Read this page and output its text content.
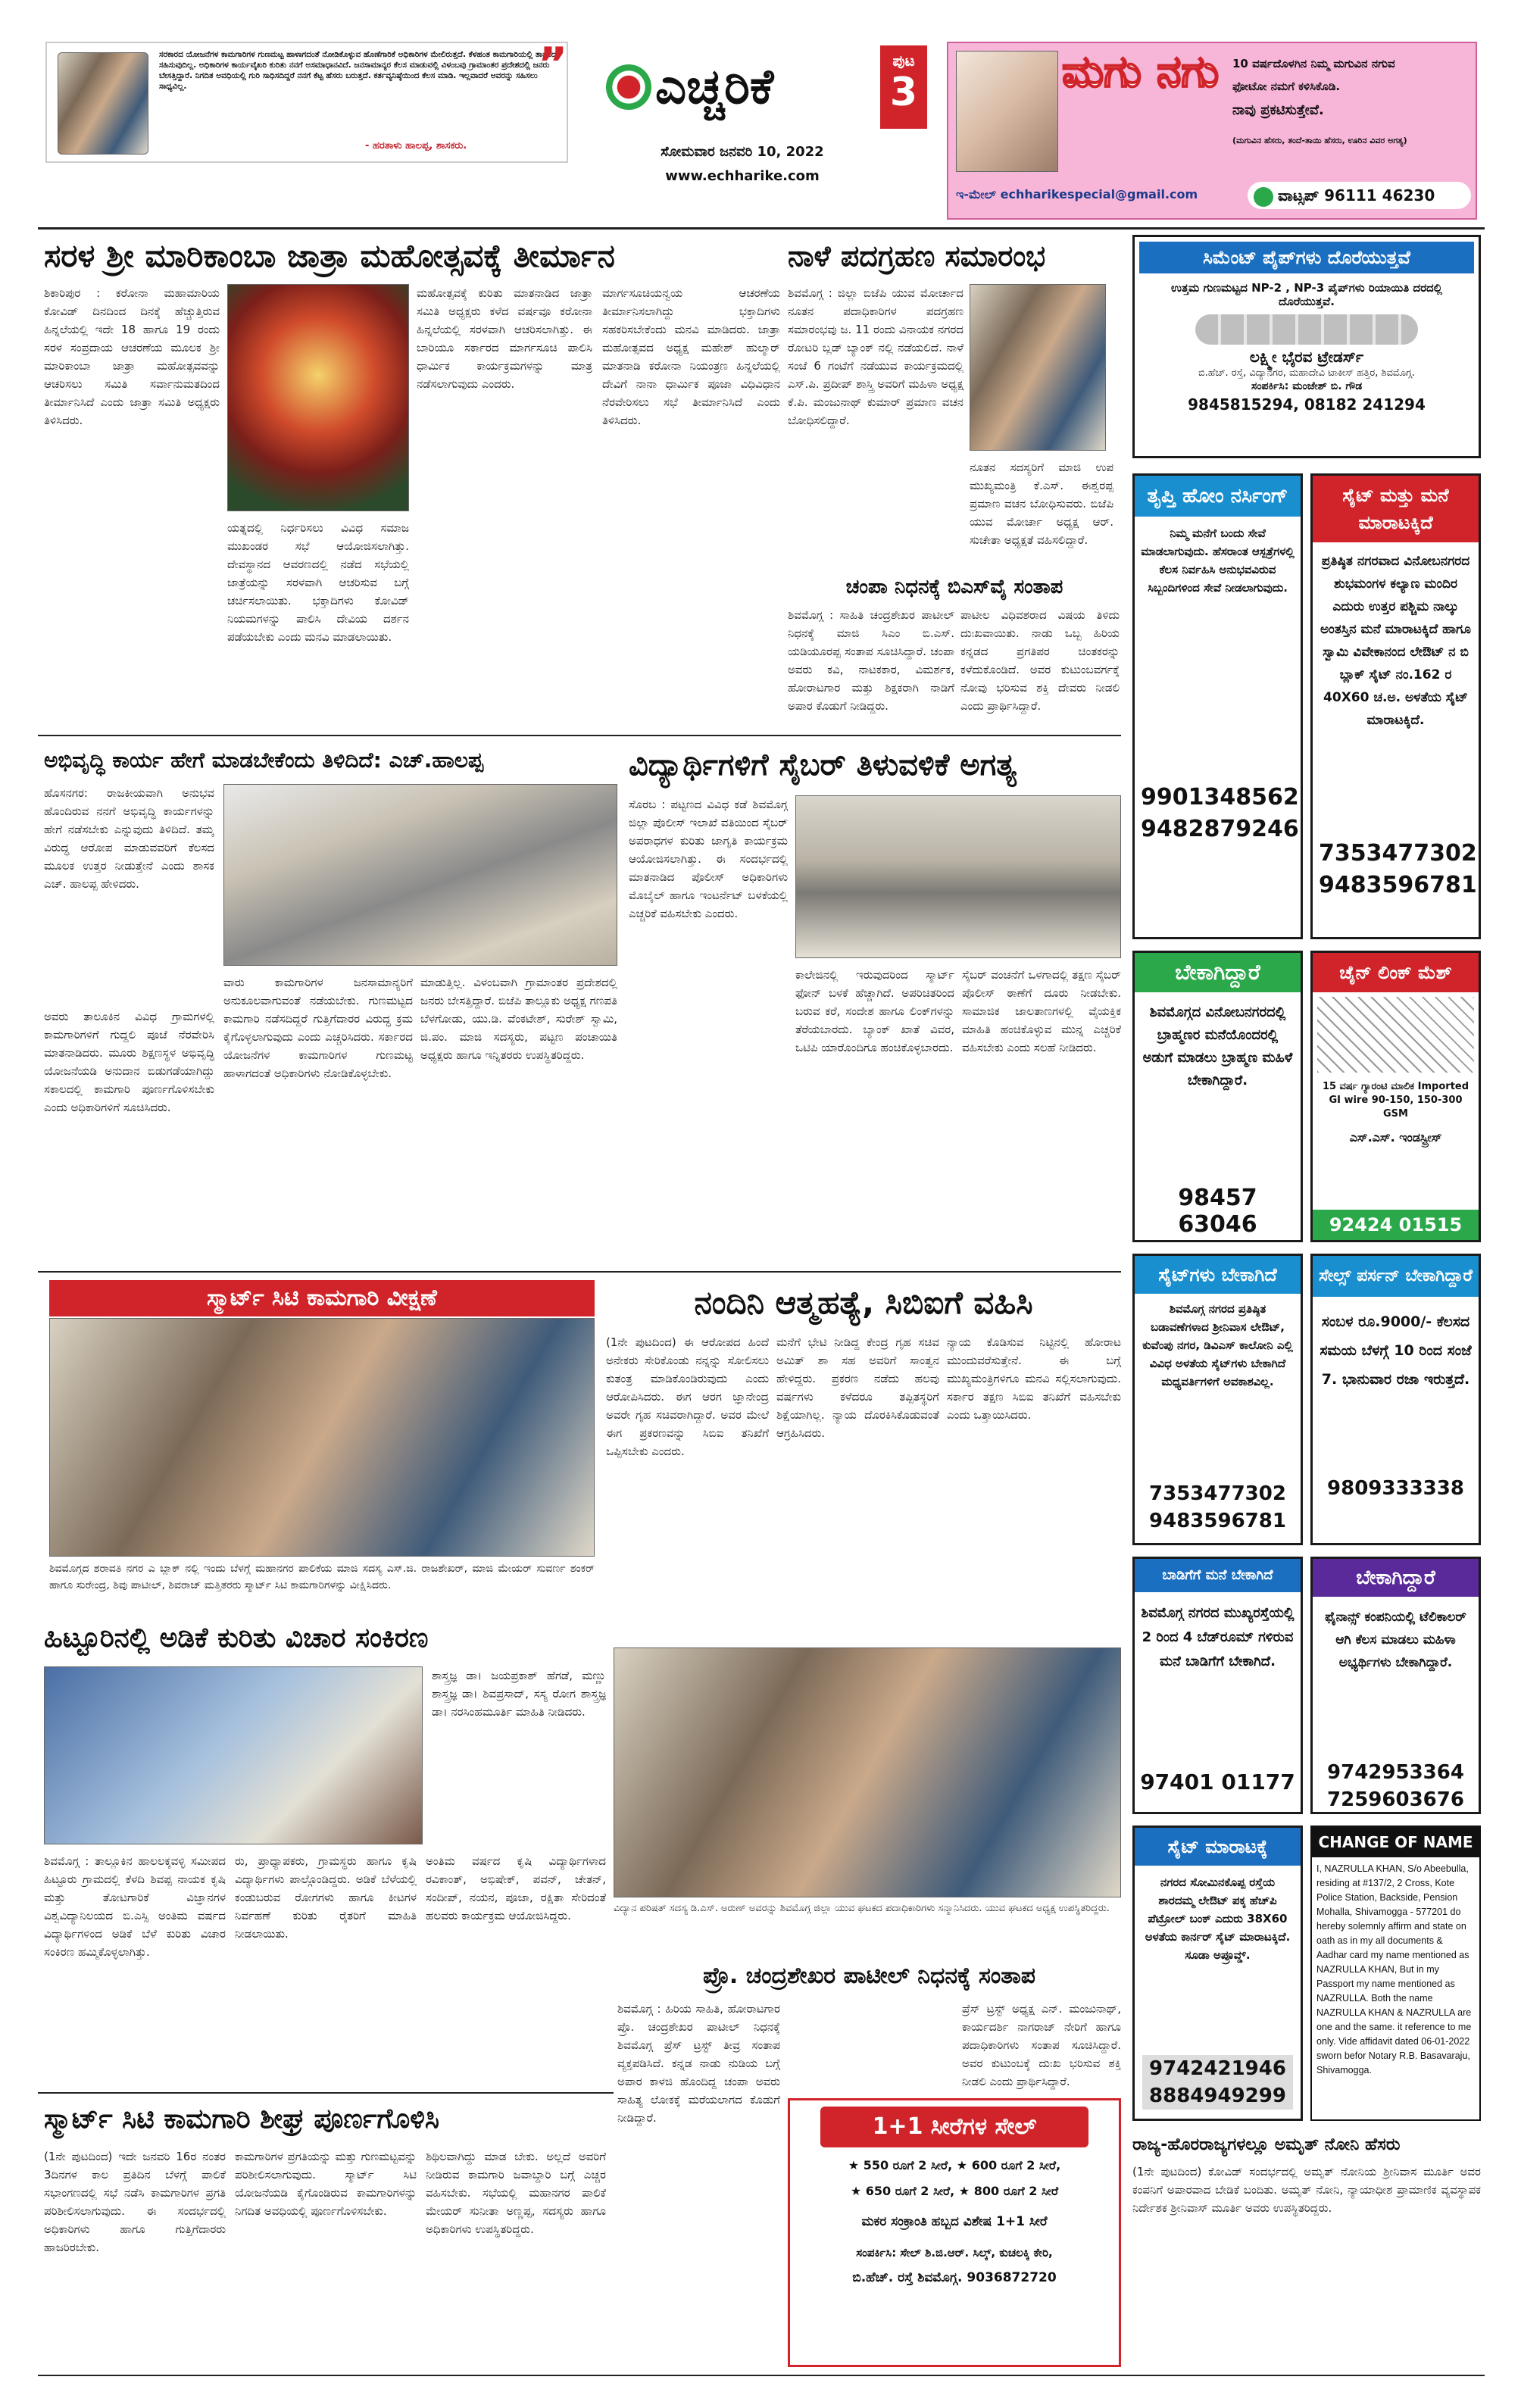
ಸರಕಾರದ ಯೋಜನೆಗಳ ಕಾಮಗಾರಿಗಳ ಗುಣಮಟ್ಟ ಹಾಳಾಗದಂತೆ ನೋಡಿಕೊಳ್ಳುವ ಹೊಣೆಗಾರಿಕೆ ಅಧಿಕಾರಿಗಳ ಮೇಲಿರುತ್ತದೆ. ಕೆಳಹಂತ ಕಾಮಗಾರಿಯಲ್ಲಿ ತಾವೆಂದು ಸಹಿಸುವುದಿಲ್ಲ. ಅಧಿಕಾರಿಗಳ ಕಾರ್ಯವೈಖರಿ ಕುರಿತು ನನಗೆ ಅಸಮಾಧಾನವಿದೆ. ಜನಸಾಮಾನ್ಯರ ಕೆಲಸ ಮಾಡುವಲ್ಲಿ ವಿಳಂಬವು ಗ್ರಾಮಾಂತರ ಪ್ರದೇಶದಲ್ಲಿ ಜನರು ಬೇಸತ್ತಿದ್ದಾರೆ. ನಿಗದಿತ ಅವಧಿಯಲ್ಲಿ ಗುರಿ ಸಾಧಿಸದಿದ್ದರೆ ನನಗೆ ಕೆಟ್ಟ ಹೆಸರು ಬರುತ್ತದೆ. ಕರ್ತವ್ಯನಿಷ್ಠೆಯಿಂದ ಕೆಲಸ ಮಾಡಿ. ಇಲ್ಲವಾದರೆ ಅವರನ್ನು ಸಹಿಸಲು ಸಾಧ್ಯವಿಲ್ಲ.
- ಹರತಾಳು ಹಾಲಪ್ಪ, ಶಾಸಕರು.
” ಎಚ್ಚರಿಕೆ	ಪುಟ
3
ಸೋಮವಾರ ಜನವರಿ 10, 2022
www.echharike.com
ಮಗು ನಗು	10 ವರ್ಷದೊಳಗಿನ ನಿಮ್ಮ ಮಗುವಿನ ನಗುವ
ಫೋಟೋ ನಮಗೆ ಕಳಿಸಿಕೊಡಿ.
ನಾವು ಪ್ರಕಟಿಸುತ್ತೇವೆ.
(ಮಗುವಿನ ಹೆಸರು, ತಂದೆ-ತಾಯಿ ಹೆಸರು, ಊರಿನ ವಿವರ ಅಗತ್ಯ)
ಇ-ಮೇಲ್ echharikespecial@gmail.com	ವಾಟ್ಸಪ್ 96111 46230
ಸರಳ ಶ್ರೀ ಮಾರಿಕಾಂಬಾ ಜಾತ್ರಾ ಮಹೋತ್ಸವಕ್ಕೆ ತೀರ್ಮಾನ
ಶಿಕಾರಿಪುರ : ಕರೋನಾ ಮಹಾಮಾರಿಯ ಕೋವಿಡ್ ದಿನದಿಂದ ದಿನಕ್ಕೆ ಹೆಚ್ಚುತ್ತಿರುವ ಹಿನ್ನಲೆಯಲ್ಲಿ ಇದೇ 18 ಹಾಗೂ 19 ರಂದು ಸರಳ ಸಂಪ್ರದಾಯ ಆಚರಣೆಯ ಮೂಲಕ ಶ್ರೀ ಮಾರಿಕಾಂಬಾ ಜಾತ್ರಾ ಮಹೋತ್ಸವವನ್ನು ಆಚರಿಸಲು ಸಮಿತಿ ಸರ್ವಾನುಮತದಿಂದ ತೀರ್ಮಾನಿಸಿದೆ ಎಂದು ಜಾತ್ರಾ ಸಮಿತಿ ಅಧ್ಯಕ್ಷರು ತಿಳಿಸಿದರು.
ಯತ್ನದಲ್ಲಿ ನಿರ್ಧರಿಸಲು ವಿವಿಧ ಸಮಾಜ ಮುಖಂಡರ ಸಭೆ ಆಯೋಜಿಸಲಾಗಿತ್ತು. ದೇವಸ್ಥಾನದ ಆವರಣದಲ್ಲಿ ನಡೆದ ಸಭೆಯಲ್ಲಿ ಜಾತ್ರೆಯನ್ನು ಸರಳವಾಗಿ ಆಚರಿಸುವ ಬಗ್ಗೆ ಚರ್ಚಿಸಲಾಯಿತು. ಭಕ್ತಾದಿಗಳು ಕೋವಿಡ್ ನಿಯಮಗಳನ್ನು ಪಾಲಿಸಿ ದೇವಿಯ ದರ್ಶನ ಪಡೆಯಬೇಕು ಎಂದು ಮನವಿ ಮಾಡಲಾಯಿತು.
ಮಹೋತ್ಸವಕ್ಕೆ ಕುರಿತು ಮಾತನಾಡಿದ ಜಾತ್ರಾ ಸಮಿತಿ ಅಧ್ಯಕ್ಷರು ಕಳೆದ ವರ್ಷವೂ ಕರೋನಾ ಹಿನ್ನಲೆಯಲ್ಲಿ ಸರಳವಾಗಿ ಆಚರಿಸಲಾಗಿತ್ತು. ಈ ಬಾರಿಯೂ ಸರ್ಕಾರದ ಮಾರ್ಗಸೂಚಿ ಪಾಲಿಸಿ ಧಾರ್ಮಿಕ ಕಾರ್ಯಕ್ರಮಗಳನ್ನು ಮಾತ್ರ ನಡೆಸಲಾಗುವುದು ಎಂದರು.
ಮಾರ್ಗಸೂಚಿಯನ್ವಯ ಆಚರಣೆಯ ತೀರ್ಮಾನಿಸಲಾಗಿದ್ದು ಭಕ್ತಾದಿಗಳು ಸಹಕರಿಸಬೇಕೆಂದು ಮನವಿ ಮಾಡಿದರು. ಜಾತ್ರಾ ಮಹೋತ್ಸವದ ಅಧ್ಯಕ್ಷ ಮಹೇಶ್ ಹುಲ್ಮಾರ್ ಮಾತನಾಡಿ ಕರೋನಾ ನಿಯಂತ್ರಣ ಹಿನ್ನಲೆಯಲ್ಲಿ ದೇವಿಗೆ ನಾನಾ ಧಾರ್ಮಿಕ ಪೂಜಾ ವಿಧಿವಿಧಾನ ನೆರವೇರಿಸಲು ಸಭೆ ತೀರ್ಮಾನಿಸಿದೆ ಎಂದು ತಿಳಿಸಿದರು.
ನಾಳೆ ಪದಗ್ರಹಣ ಸಮಾರಂಭ
ಶಿವಮೊಗ್ಗ : ಜಿಲ್ಲಾ ಬಿಜೆಪಿ ಯುವ ಮೋರ್ಚಾದ ನೂತನ ಪದಾಧಿಕಾರಿಗಳ ಪದಗ್ರಹಣ ಸಮಾರಂಭವು ಜ. 11 ರಂದು ವಿನಾಯಕ ನಗರದ ರೋಟರಿ ಬ್ಲಡ್ ಬ್ಯಾಂಕ್ ನಲ್ಲಿ ನಡೆಯಲಿದೆ. ನಾಳೆ ಸಂಜೆ 6 ಗಂಟೆಗೆ ನಡೆಯುವ ಕಾರ್ಯಕ್ರಮದಲ್ಲಿ ಎಸ್.ಪಿ. ಪ್ರದೀಪ್ ಶಾಸ್ತ್ರಿ ಅವರಿಗೆ ಮಹಿಳಾ ಅಧ್ಯಕ್ಷ ಕೆ.ಪಿ. ಮಂಜುನಾಥ್ ಕುಮಾರ್ ಪ್ರಮಾಣ ವಚನ ಬೋಧಿಸಲಿದ್ದಾರೆ.
ನೂತನ ಸದಸ್ಯರಿಗೆ ಮಾಜಿ ಉಪ ಮುಖ್ಯಮಂತ್ರಿ ಕೆ.ಎಸ್. ಈಶ್ವರಪ್ಪ ಪ್ರಮಾಣ ವಚನ ಬೋಧಿಸುವರು. ಬಿಜೆಪಿ ಯುವ ಮೋರ್ಚಾ ಅಧ್ಯಕ್ಷ ಆರ್. ಸುಚೇತಾ ಅಧ್ಯಕ್ಷತೆ ವಹಿಸಲಿದ್ದಾರೆ.
ಚಂಪಾ ನಿಧನಕ್ಕೆ ಬಿಎಸ್‌ವೈ ಸಂತಾಪ
ಶಿವಮೊಗ್ಗ : ಸಾಹಿತಿ ಚಂದ್ರಶೇಖರ ಪಾಟೀಲ್ ನಿಧನಕ್ಕೆ ಮಾಜಿ ಸಿಎಂ ಬಿ.ಎಸ್. ಯಡಿಯೂರಪ್ಪ ಸಂತಾಪ ಸೂಚಿಸಿದ್ದಾರೆ. ಚಂಪಾ ಅವರು ಕವಿ, ನಾಟಕಕಾರ, ವಿಮರ್ಶಕ, ಹೋರಾಟಗಾರ ಮತ್ತು ಶಿಕ್ಷಕರಾಗಿ ನಾಡಿಗೆ ಅಪಾರ ಕೊಡುಗೆ ನೀಡಿದ್ದರು.
ಪಾಟೀಲ ವಿಧಿವಶರಾದ ವಿಷಯ ತಿಳಿದು ದುಃಖವಾಯಿತು. ನಾಡು ಒಬ್ಬ ಹಿರಿಯ ಕನ್ನಡದ ಪ್ರಗತಿಪರ ಚಿಂತಕರನ್ನು ಕಳೆದುಕೊಂಡಿದೆ. ಅವರ ಕುಟುಂಬವರ್ಗಕ್ಕೆ ನೋವು ಭರಿಸುವ ಶಕ್ತಿ ದೇವರು ನೀಡಲಿ ಎಂದು ಪ್ರಾರ್ಥಿಸಿದ್ದಾರೆ.
ಅಭಿವೃದ್ಧಿ ಕಾರ್ಯ ಹೇಗೆ ಮಾಡಬೇಕೆಂದು ತಿಳಿದಿದೆ: ಎಚ್.ಹಾಲಪ್ಪ
ಹೊಸನಗರ: ರಾಜಕೀಯವಾಗಿ ಅನುಭವ ಹೊಂದಿರುವ ನನಗೆ ಅಭಿವೃದ್ಧಿ ಕಾರ್ಯಗಳನ್ನು ಹೇಗೆ ನಡೆಸಬೇಕು ಎನ್ನುವುದು ತಿಳಿದಿದೆ. ತಮ್ಮ ವಿರುದ್ಧ ಆರೋಪ ಮಾಡುವವರಿಗೆ ಕೆಲಸದ ಮೂಲಕ ಉತ್ತರ ನೀಡುತ್ತೇನೆ ಎಂದು ಶಾಸಕ ಎಚ್. ಹಾಲಪ್ಪ ಹೇಳಿದರು.
ಅವರು ತಾಲೂಕಿನ ವಿವಿಧ ಗ್ರಾಮಗಳಲ್ಲಿ ಕಾಮಗಾರಿಗಳಿಗೆ ಗುದ್ದಲಿ ಪೂಜೆ ನೆರವೇರಿಸಿ ಮಾತನಾಡಿದರು. ಮೂರು ಶಿಕ್ಷಣಸ್ಥಳ ಅಭಿವೃದ್ಧಿ ಯೋಜನೆಯಡಿ ಅನುದಾನ ಬಿಡುಗಡೆಯಾಗಿದ್ದು ಸಕಾಲದಲ್ಲಿ ಕಾಮಗಾರಿ ಪೂರ್ಣಗೊಳಿಸಬೇಕು ಎಂದು ಅಧಿಕಾರಿಗಳಿಗೆ ಸೂಚಿಸಿದರು.
ವಾರು ಕಾಮಗಾರಿಗಳ ಜನಸಾಮಾನ್ಯರಿಗೆ ಅನುಕೂಲವಾಗುವಂತೆ ನಡೆಯಬೇಕು. ಗುಣಮಟ್ಟದ ಕಾಮಗಾರಿ ನಡೆಸದಿದ್ದರೆ ಗುತ್ತಿಗೆದಾರರ ವಿರುದ್ಧ ಕ್ರಮ ಕೈಗೊಳ್ಳಲಾಗುವುದು ಎಂದು ಎಚ್ಚರಿಸಿದರು. ಸರ್ಕಾರದ ಯೋಜನೆಗಳ ಕಾಮಗಾರಿಗಳ ಗುಣಮಟ್ಟ ಹಾಳಾಗದಂತೆ ಅಧಿಕಾರಿಗಳು ನೋಡಿಕೊಳ್ಳಬೇಕು.
ಮಾಡುತ್ತಿಲ್ಲ. ವಿಳಂಬವಾಗಿ ಗ್ರಾಮಾಂತರ ಪ್ರದೇಶದಲ್ಲಿ ಜನರು ಬೇಸತ್ತಿದ್ದಾರೆ. ಬಿಜೆಪಿ ತಾಲ್ಲೂಕು ಅಧ್ಯಕ್ಷ ಗಣಪತಿ ಬೆಳಗೋಡು, ಯು.ಡಿ. ವೆಂಕಟೇಶ್, ಸುರೇಶ್ ಸ್ವಾಮಿ, ಜಿ.ಪಂ. ಮಾಜಿ ಸದಸ್ಯರು, ಪಟ್ಟಣ ಪಂಚಾಯಿತಿ ಅಧ್ಯಕ್ಷರು ಹಾಗೂ ಇನ್ನಿತರರು ಉಪಸ್ಥಿತರಿದ್ದರು.
ವಿದ್ಯಾರ್ಥಿಗಳಿಗೆ ಸೈಬರ್ ತಿಳುವಳಿಕೆ ಅಗತ್ಯ
ಸೊರಬ : ಪಟ್ಟಣದ ವಿವಿಧ ಕಡೆ ಶಿವಮೊಗ್ಗ ಜಿಲ್ಲಾ ಪೊಲೀಸ್ ಇಲಾಖೆ ವತಿಯಿಂದ ಸೈಬರ್ ಅಪರಾಧಗಳ ಕುರಿತು ಜಾಗೃತಿ ಕಾರ್ಯಕ್ರಮ ಆಯೋಜಿಸಲಾಗಿತ್ತು. ಈ ಸಂದರ್ಭದಲ್ಲಿ ಮಾತನಾಡಿದ ಪೊಲೀಸ್ ಅಧಿಕಾರಿಗಳು ಮೊಬೈಲ್ ಹಾಗೂ ಇಂಟರ್ನೆಟ್ ಬಳಕೆಯಲ್ಲಿ ಎಚ್ಚರಿಕೆ ವಹಿಸಬೇಕು ಎಂದರು.
ಕಾಲೇಜಿನಲ್ಲಿ ಇರುವುದರಿಂದ ಸ್ಮಾರ್ಟ್ ಫೋನ್ ಬಳಕೆ ಹೆಚ್ಚಾಗಿದೆ. ಅಪರಿಚಿತರಿಂದ ಬರುವ ಕರೆ, ಸಂದೇಶ ಹಾಗೂ ಲಿಂಕ್‌ಗಳನ್ನು ತೆರೆಯಬಾರದು. ಬ್ಯಾಂಕ್ ಖಾತೆ ವಿವರ, ಒಟಿಪಿ ಯಾರೊಂದಿಗೂ ಹಂಚಿಕೊಳ್ಳಬಾರದು.
ಸೈಬರ್ ವಂಚನೆಗೆ ಒಳಗಾದಲ್ಲಿ ತಕ್ಷಣ ಸೈಬರ್ ಪೊಲೀಸ್ ಠಾಣೆಗೆ ದೂರು ನೀಡಬೇಕು. ಸಾಮಾಜಿಕ ಜಾಲತಾಣಗಳಲ್ಲಿ ವೈಯಕ್ತಿಕ ಮಾಹಿತಿ ಹಂಚಿಕೊಳ್ಳುವ ಮುನ್ನ ಎಚ್ಚರಿಕೆ ವಹಿಸಬೇಕು ಎಂದು ಸಲಹೆ ನೀಡಿದರು.
ಸ್ಮಾರ್ಟ್ ಸಿಟಿ ಕಾಮಗಾರಿ ವೀಕ್ಷಣೆ
ಶಿವಮೊಗ್ಗದ ಶರಾವತಿ ನಗರ ಎ ಬ್ಲಾಕ್ ನಲ್ಲಿ ಇಂದು ಬೆಳಗ್ಗೆ ಮಹಾನಗರ ಪಾಲಿಕೆಯ ಮಾಜಿ ಸದಸ್ಯ ಎಸ್.ಜಿ. ರಾಜಶೇಖರ್, ಮಾಜಿ ಮೇಯರ್ ಸುವರ್ಣ ಶಂಕರ್ ಹಾಗೂ ಸುರೇಂದ್ರ, ಶಿವು ಪಾಟೀಲ್, ಶಿವರಾಜ್ ಮತ್ತಿತರರು ಸ್ಮಾರ್ಟ್ ಸಿಟಿ ಕಾಮಗಾರಿಗಳನ್ನು ವೀಕ್ಷಿಸಿದರು.
ನಂದಿನಿ ಆತ್ಮಹತ್ಯೆ, ಸಿಬಿಐಗೆ ವಹಿಸಿ
(1ನೇ ಪುಟದಿಂದ) ಈ ಆರೋಪದ ಹಿಂದೆ ಅನೇಕರು ಸೇರಿಕೊಂಡು ನನ್ನನ್ನು ಸೋಲಿಸಲು ಕುತಂತ್ರ ಮಾಡಿಕೊಂಡಿರುವುದು ಎಂದು ಆರೋಪಿಸಿದರು. ಈಗ ಆರಗ ಜ್ಞಾನೇಂದ್ರ ಅವರೇ ಗೃಹ ಸಚಿವರಾಗಿದ್ದಾರೆ. ಅವರ ಮೇಲೆ ಈಗ ಪ್ರಕರಣವನ್ನು ಸಿಬಿಐ ತನಿಖೆಗೆ ಒಪ್ಪಿಸಬೇಕು ಎಂದರು.
ಮನೆಗೆ ಭೇಟಿ ನೀಡಿದ್ದ ಕೇಂದ್ರ ಗೃಹ ಸಚಿವ ಅಮಿತ್ ಶಾ ಸಹ ಅವರಿಗೆ ಸಾಂತ್ವನ ಹೇಳಿದ್ದರು. ಪ್ರಕರಣ ನಡೆದು ಹಲವು ವರ್ಷಗಳು ಕಳೆದರೂ ತಪ್ಪಿತಸ್ಥರಿಗೆ ಶಿಕ್ಷೆಯಾಗಿಲ್ಲ. ನ್ಯಾಯ ದೊರಕಿಸಿಕೊಡುವಂತೆ ಆಗ್ರಹಿಸಿದರು.
ನ್ಯಾಯ ಕೊಡಿಸುವ ನಿಟ್ಟಿನಲ್ಲಿ ಹೋರಾಟ ಮುಂದುವರೆಸುತ್ತೇನೆ. ಈ ಬಗ್ಗೆ ಮುಖ್ಯಮಂತ್ರಿಗಳಿಗೂ ಮನವಿ ಸಲ್ಲಿಸಲಾಗುವುದು. ಸರ್ಕಾರ ತಕ್ಷಣ ಸಿಬಿಐ ತನಿಖೆಗೆ ವಹಿಸಬೇಕು ಎಂದು ಒತ್ತಾಯಿಸಿದರು.
ಹಿಟ್ಟೂರಿನಲ್ಲಿ ಅಡಿಕೆ ಕುರಿತು ವಿಚಾರ ಸಂಕಿರಣ
ಶಾಸ್ತ್ರಜ್ಞ ಡಾ। ಜಯಪ್ರಕಾಶ್ ಹೆಗಡೆ, ಮಣ್ಣು ಶಾಸ್ತ್ರಜ್ಞ ಡಾ। ಶಿವಪ್ರಸಾದ್, ಸಸ್ಯ ರೋಗ ಶಾಸ್ತ್ರಜ್ಞ ಡಾ। ನರಸಿಂಹಮೂರ್ತಿ ಮಾಹಿತಿ ನೀಡಿದರು.
ಶಿವಮೊಗ್ಗ : ತಾಲ್ಲೂಕಿನ ಹಾಲಲಕ್ಕವಳ್ಳಿ ಸಮೀಪದ ಹಿಟ್ಟೂರು ಗ್ರಾಮದಲ್ಲಿ ಕೆಳದಿ ಶಿವಪ್ಪ ನಾಯಕ ಕೃಷಿ ಮತ್ತು ತೋಟಗಾರಿಕೆ ವಿಜ್ಞಾನಗಳ ವಿಶ್ವವಿದ್ಯಾನಿಲಯದ ಬಿ.ಎಸ್ಸಿ ಅಂತಿಮ ವರ್ಷದ ವಿದ್ಯಾರ್ಥಿಗಳಿಂದ ಅಡಿಕೆ ಬೆಳೆ ಕುರಿತು ವಿಚಾರ ಸಂಕಿರಣ ಹಮ್ಮಿಕೊಳ್ಳಲಾಗಿತ್ತು.
ರು, ಪ್ರಾಧ್ಯಾಪಕರು, ಗ್ರಾಮಸ್ಥರು ಹಾಗೂ ಕೃಷಿ ವಿದ್ಯಾರ್ಥಿಗಳು ಪಾಲ್ಗೊಂಡಿದ್ದರು. ಅಡಿಕೆ ಬೆಳೆಯಲ್ಲಿ ಕಂಡುಬರುವ ರೋಗಗಳು ಹಾಗೂ ಕೀಟಗಳ ನಿರ್ವಹಣೆ ಕುರಿತು ರೈತರಿಗೆ ಮಾಹಿತಿ ನೀಡಲಾಯಿತು.
ಅಂತಿಮ ವರ್ಷದ ಕೃಷಿ ವಿದ್ಯಾರ್ಥಿಗಳಾದ ರವಿಕಾಂತ್, ಅಭಿಷೇಕ್, ಪವನ್, ಚೇತನ್, ಸಂದೀಪ್, ನಯನ, ಪೂಜಾ, ರಕ್ಷಿತಾ ಸೇರಿದಂತೆ ಹಲವರು ಕಾರ್ಯಕ್ರಮ ಆಯೋಜಿಸಿದ್ದರು.
ವಿದ್ಯಾನ ಪರಿಷತ್ ಸದಸ್ಯ ಡಿ.ಎಸ್. ಅರುಣ್ ಅವರನ್ನು ಶಿವಮೊಗ್ಗ ಜಿಲ್ಲಾ ಯುವ ಘಟಕದ ಪದಾಧಿಕಾರಿಗಳು ಸನ್ಮಾನಿಸಿದರು. ಯುವ ಘಟಕದ ಅಧ್ಯಕ್ಷ ಉಪಸ್ಥಿತರಿದ್ದರು.
ಸ್ಮಾರ್ಟ್ ಸಿಟಿ ಕಾಮಗಾರಿ ಶೀಘ್ರ ಪೂರ್ಣಗೊಳಿಸಿ
(1ನೇ ಪುಟದಿಂದ) ಇದೇ ಜನವರಿ 16ರ ನಂತರ 3ದಿನಗಳ ಕಾಲ ಪ್ರತಿದಿನ ಬೆಳಗ್ಗೆ ಪಾಲಿಕೆ ಸಭಾಂಗಣದಲ್ಲಿ ಸಭೆ ನಡೆಸಿ ಕಾಮಗಾರಿಗಳ ಪ್ರಗತಿ ಪರಿಶೀಲಿಸಲಾಗುವುದು. ಈ ಸಂದರ್ಭದಲ್ಲಿ ಅಧಿಕಾರಿಗಳು ಹಾಗೂ ಗುತ್ತಿಗೆದಾರರು ಹಾಜರಿರಬೇಕು.
ಕಾಮಗಾರಿಗಳ ಪ್ರಗತಿಯನ್ನು ಮತ್ತು ಗುಣಮಟ್ಟವನ್ನು ಪರಿಶೀಲಿಸಲಾಗುವುದು. ಸ್ಮಾರ್ಟ್ ಸಿಟಿ ಯೋಜನೆಯಡಿ ಕೈಗೊಂಡಿರುವ ಕಾಮಗಾರಿಗಳನ್ನು ನಿಗದಿತ ಅವಧಿಯಲ್ಲಿ ಪೂರ್ಣಗೊಳಿಸಬೇಕು.
ಶಿಥಿಲವಾಗಿದ್ದು ಮಾಡ ಬೇಕು. ಅಲ್ಲದೆ ಅವರಿಗೆ ನೀಡಿರುವ ಕಾಮಗಾರಿ ಜವಾಬ್ದಾರಿ ಬಗ್ಗೆ ಎಚ್ಚರ ವಹಿಸಬೇಕು. ಸಭೆಯಲ್ಲಿ ಮಹಾನಗರ ಪಾಲಿಕೆ ಮೇಯರ್ ಸುನೀತಾ ಅಣ್ಣಪ್ಪ, ಸದಸ್ಯರು ಹಾಗೂ ಅಧಿಕಾರಿಗಳು ಉಪಸ್ಥಿತರಿದ್ದರು.
ಪ್ರೊ. ಚಂದ್ರಶೇಖರ ಪಾಟೀಲ್ ನಿಧನಕ್ಕೆ ಸಂತಾಪ
ಶಿವಮೊಗ್ಗ : ಹಿರಿಯ ಸಾಹಿತಿ, ಹೋರಾಟಗಾರ ಪ್ರೊ. ಚಂದ್ರಶೇಖರ ಪಾಟೀಲ್ ನಿಧನಕ್ಕೆ ಶಿವಮೊಗ್ಗ ಪ್ರೆಸ್ ಟ್ರಸ್ಟ್ ತೀವ್ರ ಸಂತಾಪ ವ್ಯಕ್ತಪಡಿಸಿದೆ. ಕನ್ನಡ ನಾಡು ನುಡಿಯ ಬಗ್ಗೆ ಅಪಾರ ಕಾಳಜಿ ಹೊಂದಿದ್ದ ಚಂಪಾ ಅವರು ಸಾಹಿತ್ಯ ಲೋಕಕ್ಕೆ ಮರೆಯಲಾಗದ ಕೊಡುಗೆ ನೀಡಿದ್ದಾರೆ.
ಪ್ರೆಸ್ ಟ್ರಸ್ಟ್ ಅಧ್ಯಕ್ಷ ಎನ್. ಮಂಜುನಾಥ್, ಕಾರ್ಯದರ್ಶಿ ನಾಗರಾಜ್ ನೇರಿಗೆ ಹಾಗೂ ಪದಾಧಿಕಾರಿಗಳು ಸಂತಾಪ ಸೂಚಿಸಿದ್ದಾರೆ. ಅವರ ಕುಟುಂಬಕ್ಕೆ ದುಃಖ ಭರಿಸುವ ಶಕ್ತಿ ನೀಡಲಿ ಎಂದು ಪ್ರಾರ್ಥಿಸಿದ್ದಾರೆ.
1+1 ಸೀರೆಗಳ ಸೇಲ್
★ 550 ರೂಗೆ 2 ಸೀರೆ, ★ 600 ರೂಗೆ 2 ಸೀರೆ,
★ 650 ರೂಗೆ 2 ಸೀರೆ, ★ 800 ರೂಗೆ 2 ಸೀರೆ
ಮಕರ ಸಂಕ್ರಾಂತಿ ಹಬ್ಬದ ವಿಶೇಷ 1+1 ಸೀರೆ
ಸಂಪರ್ಕಿಸಿ: ಸೇಲ್ ಶಿ.ಜಿ.ಆರ್. ಸಿಲ್ಕ್, ಕುಚಲಕ್ಕಿ ಕೇರಿ,
ಬಿ.ಹೆಚ್. ರಸ್ತೆ ಶಿವಮೊಗ್ಗ. 9036872720
ಸಿಮೆಂಟ್ ಪೈಪ್‌ಗಳು ದೊರೆಯುತ್ತವೆ
ಉತ್ತಮ ಗುಣಮಟ್ಟದ NP-2 , NP-3 ಪೈಪ್‌ಗಳು ರಿಯಾಯಿತಿ ದರದಲ್ಲಿ ದೊರೆಯುತ್ತವೆ.
ಲಕ್ಷ್ಮೀ ಭೈರವ ಟ್ರೇಡರ್ಸ್
ಬಿ.ಹೆಚ್. ರಸ್ತೆ, ವಿದ್ಯಾನಗರ, ಮಹಾದೇವಿ ಟಾಕೀಸ್ ಹತ್ತಿರ, ಶಿವಮೊಗ್ಗ.
ಸಂಪರ್ಕಿಸಿ: ಮಂಜೇಶ್ ಬಿ. ಗೌಡ
9845815294, 08182 241294
ತೃಪ್ತಿ ಹೋಂ ನರ್ಸಿಂಗ್
ನಿಮ್ಮ ಮನೆಗೆ ಬಂದು ಸೇವೆ ಮಾಡಲಾಗುವುದು. ಹೆಸರಾಂತ ಆಸ್ಪತ್ರೆಗಳಲ್ಲಿ ಕೆಲಸ ನಿರ್ವಹಿಸಿ ಅನುಭವವಿರುವ ಸಿಬ್ಬಂದಿಗಳಿಂದ ಸೇವೆ ನೀಡಲಾಗುವುದು.
9901348562 9482879246
ಸೈಟ್ ಮತ್ತು ಮನೆ ಮಾರಾಟಕ್ಕಿದೆ
ಪ್ರತಿಷ್ಠಿತ ನಗರವಾದ ವಿನೋಬನಗರದ ಶುಭಮಂಗಳ ಕಲ್ಯಾಣ ಮಂದಿರ ಎದುರು ಉತ್ತರ ಪಶ್ಚಿಮ ನಾಲ್ಕು ಅಂತಸ್ತಿನ ಮನೆ ಮಾರಾಟಕ್ಕಿದೆ ಹಾಗೂ ಸ್ವಾಮಿ ವಿವೇಕಾನಂದ ಲೇಔಟ್ ನ ಬಿ ಬ್ಲಾಕ್ ಸೈಟ್ ನಂ.162 ರ 40X60 ಚ.ಅ. ಅಳತೆಯ ಸೈಟ್ ಮಾರಾಟಕ್ಕಿದೆ.
7353477302 9483596781
ಬೇಕಾಗಿದ್ದಾರೆ
ಶಿವಮೊಗ್ಗದ ವಿನೋಬನಗರದಲ್ಲಿ ಬ್ರಾಹ್ಮಣರ ಮನೆಯೊಂದರಲ್ಲಿ ಅಡುಗೆ ಮಾಡಲು ಬ್ರಾಹ್ಮಣ ಮಹಿಳೆ ಬೇಕಾಗಿದ್ದಾರೆ.
98457 63046
ಚೈನ್ ಲಿಂಕ್ ಮೆಶ್
15 ವರ್ಷ ಗ್ಯಾರಂಟಿ ಮಾಲಿಕ Imported GI wire 90-150, 150-300 GSM
ಎಸ್.ಎಸ್. ಇಂಡಸ್ಟ್ರೀಸ್
92424 01515
ಸೈಟ್‌ಗಳು ಬೇಕಾಗಿದೆ
ಶಿವಮೊಗ್ಗ ನಗರದ ಪ್ರತಿಷ್ಠಿತ ಬಡಾವಣೆಗಳಾದ ಶ್ರೀನಿವಾಸ ಲೇಔಟ್, ಕುವೆಂಪು ನಗರ, ಡಿವಿಎಸ್ ಕಾಲೋನಿ ಎಲ್ಲಿ ವಿವಿಧ ಅಳತೆಯ ಸೈಟ್‌ಗಳು ಬೇಕಾಗಿದೆ ಮಧ್ಯವರ್ತಿಗಳಿಗೆ ಅವಕಾಶವಿಲ್ಲ.
7353477302 9483596781
ಸೇಲ್ಸ್ ಪರ್ಸನ್ ಬೇಕಾಗಿದ್ದಾರೆ
ಸಂಬಳ ರೂ.9000/- ಕೆಲಸದ ಸಮಯ ಬೆಳಗ್ಗೆ 10 ರಿಂದ ಸಂಜೆ 7. ಭಾನುವಾರ ರಜಾ ಇರುತ್ತದೆ.
9809333338
ಬಾಡಿಗೆಗೆ ಮನೆ ಬೇಕಾಗಿದೆ
ಶಿವಮೊಗ್ಗ ನಗರದ ಮುಖ್ಯರಸ್ತೆಯಲ್ಲಿ 2 ರಿಂದ 4 ಬೆಡ್‌ರೂಮ್ ಗಳಿರುವ ಮನೆ ಬಾಡಿಗೆಗೆ ಬೇಕಾಗಿದೆ.
97401 01177
ಬೇಕಾಗಿದ್ದಾರೆ
ಫೈನಾನ್ಸ್ ಕಂಪನಿಯಲ್ಲಿ ಟೆಲಿಕಾಲರ್ ಆಗಿ ಕೆಲಸ ಮಾಡಲು ಮಹಿಳಾ ಅಭ್ಯರ್ಥಿಗಳು ಬೇಕಾಗಿದ್ದಾರೆ.
9742953364 7259603676
ಸೈಟ್ ಮಾರಾಟಕ್ಕೆ
ನಗರದ ಸೋಮಿನಕೊಪ್ಪ ರಸ್ತೆಯ ಶಾರದಮ್ಮ ಲೇಔಟ್ ಪಕ್ಕ ಹೆಚ್‌ಪಿ ಪೆಟ್ರೋಲ್ ಬಂಕ್ ಎದುರು 38X60 ಅಳತೆಯ ಕಾರ್ನರ್ ಸೈಟ್ ಮಾರಾಟಕ್ಕಿದೆ. ಸೂಡಾ ಅಪ್ರೂವ್ಡ್.
9742421946 8884949299
CHANGE OF NAME
I, NAZRULLA KHAN, S/o Abeebulla, residing at #137/2, 2 Cross, Kote Police Station, Backside, Pension Mohalla, Shivamogga - 577201 do hereby solemnly affirm and state on oath as in my all documents & Aadhar card my name mentioned as NAZRULLA KHAN, But in my Passport my name mentioned as NAZRULLA. Both the name NAZRULLA KHAN & NAZRULLA are one and the same. it reference to me only. Vide affidavit dated 06-01-2022 sworn befor Notary R.B. Basavaraju, Shivamogga.
ರಾಜ್ಯ-ಹೊರರಾಜ್ಯಗಳಲ್ಲೂ ಅಮೃತ್ ನೋನಿ ಹೆಸರು
(1ನೇ ಪುಟದಿಂದ) ಕೋವಿಡ್ ಸಂದರ್ಭದಲ್ಲಿ ಅಮೃತ್ ನೋನಿಯ ಶ್ರೀನಿವಾಸ ಮೂರ್ತಿ ಅವರ ಕಂಪನಿಗೆ ಅಪಾರವಾದ ಬೇಡಿಕೆ ಬಂದಿತು. ಅಮೃತ್ ನೋನಿ, ನ್ಯಾಯಾಧೀಶ ಪ್ರಾಮಾಣಿಕ ವ್ಯವಸ್ಥಾಪಕ ನಿರ್ದೇಶಕ ಶ್ರೀನಿವಾಸ್ ಮೂರ್ತಿ ಅವರು ಉಪಸ್ಥಿತರಿದ್ದರು.
